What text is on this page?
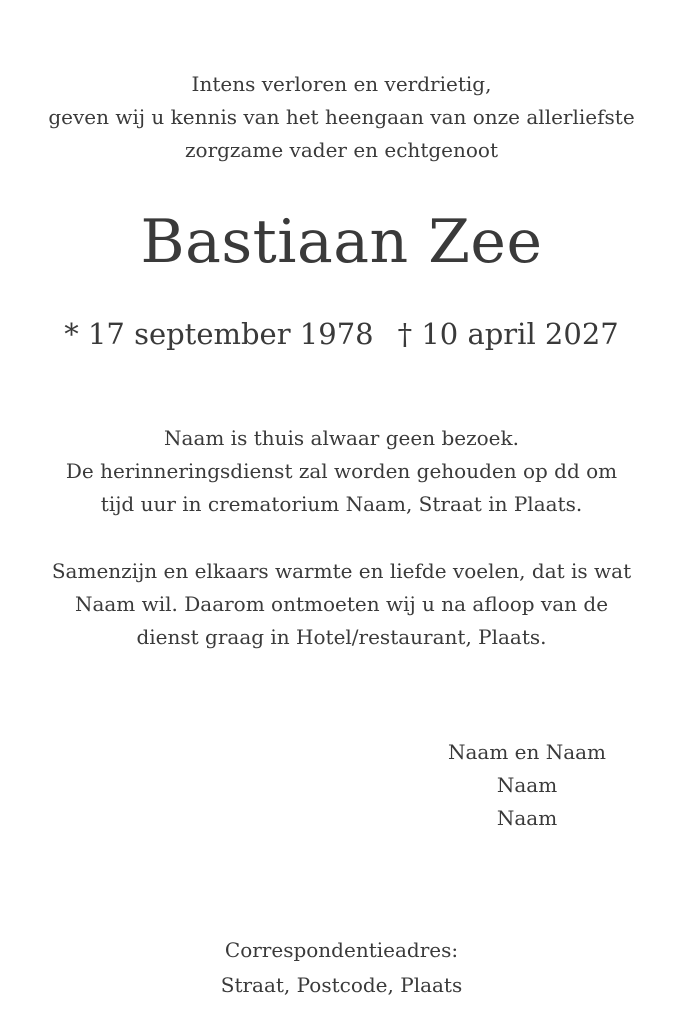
Intens verloren en verdrietig,
geven wij u kennis van het heengaan van onze allerliefste
zorgzame vader en echtgenoot
Bastiaan Zee
* 17 september 1978 † 10 april 2027
Naam is thuis alwaar geen bezoek.
De herinneringsdienst zal worden gehouden op dd om
tijd uur in crematorium Naam, Straat in Plaats.
Samenzijn en elkaars warmte en liefde voelen, dat is wat
Naam wil. Daarom ontmoeten wij u na afloop van de
dienst graag in Hotel/restaurant, Plaats.
Naam en Naam
Naam
Naam
Correspondentieadres:
Straat, Postcode, Plaats
